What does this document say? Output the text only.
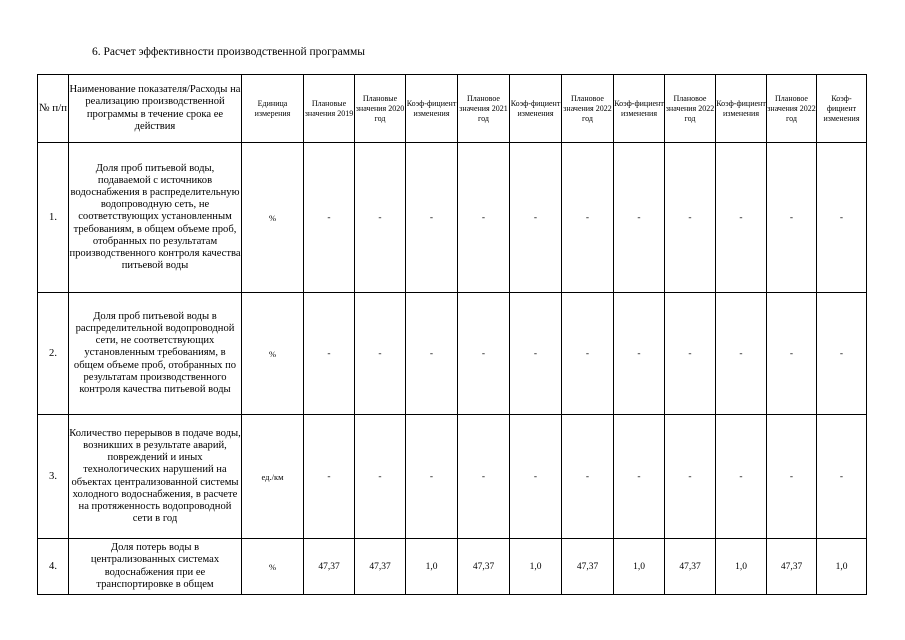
6. Расчет эффективности производственной программы
№ п/п	Наименование показателя/Расходы на реализацию производственной программы в течение срока ее действия	Единица измерения	Плановые значения 2019	Плановые значения 2020 год	Коэф-фициент изменения	Плановое значения 2021 год	Коэф-фициент изменения	Плановое значения 2022 год	Коэф-фициент изменения	Плановое значения 2022 год	Коэф-фициент изменения	Плановое значения 2022 год	Коэф-фициент изменения
1.	Доля проб питьевой воды, подаваемой с источников водоснабжения в распределительную водопроводную сеть, не соответствующих установленным требованиям, в общем объеме проб, отобранных по результатам производственного контроля качества питьевой воды	%	-	-	-	-	-	-	-	-	-	-	-
2.	Доля проб питьевой воды в распределительной водопроводной сети, не соответствующих установленным требованиям, в общем объеме проб, отобранных по результатам производственного контроля качества питьевой воды	%	-	-	-	-	-	-	-	-	-	-	-
3.	Количество перерывов в подаче воды, возникших в результате аварий, повреждений и иных технологических нарушений на объектах централизованной системы холодного водоснабжения, в расчете на протяженность водопроводной сети в год	ед./км	-	-	-	-	-	-	-	-	-	-	-
4.	Доля потерь воды в централизованных системах водоснабжения при ее транспортировке в общем	%	47,37	47,37	1,0	47,37	1,0	47,37	1,0	47,37	1,0	47,37	1,0
